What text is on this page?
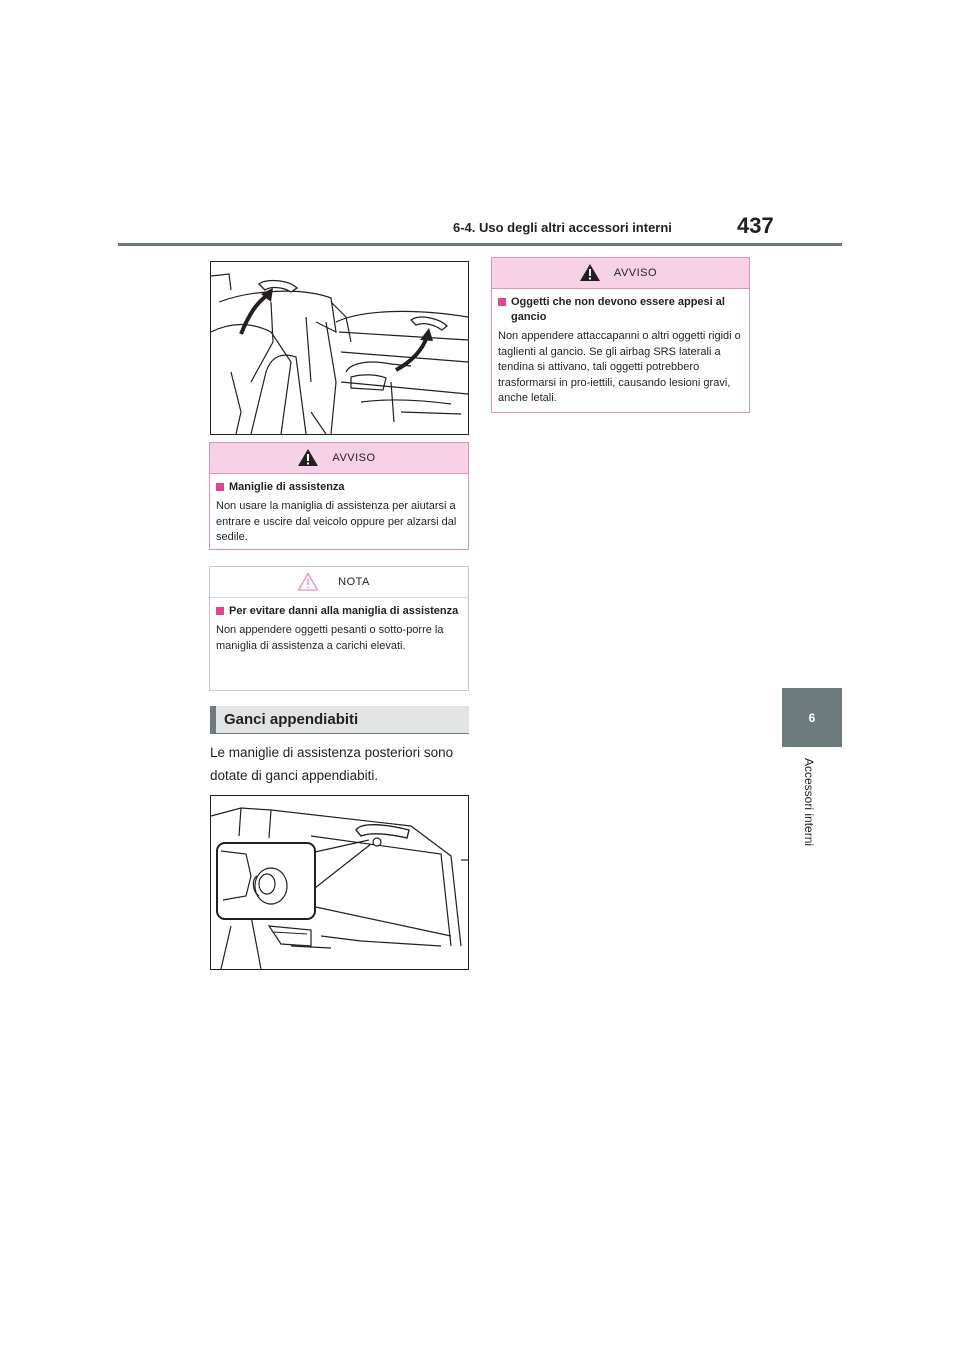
6-4. Uso degli altri accessori interni	437
6
Accessori interni
AVVISO
Maniglie di assistenza
Non usare la maniglia di assistenza per aiutarsi a entrare e uscire dal veicolo oppure per alzarsi dal sedile.
NOTA
Per evitare danni alla maniglia di assistenza
Non appendere oggetti pesanti o sotto-porre la maniglia di assistenza a carichi elevati.
Ganci appendiabiti
Le maniglie di assistenza posteriori sono dotate di ganci appendiabiti.
AVVISO
Oggetti che non devono essere appesi al gancio
Non appendere attaccapanni o altri oggetti rigidi o taglienti al gancio. Se gli airbag SRS laterali a tendina si attivano, tali oggetti potrebbero trasformarsi in pro-iettili, causando lesioni gravi, anche letali.
